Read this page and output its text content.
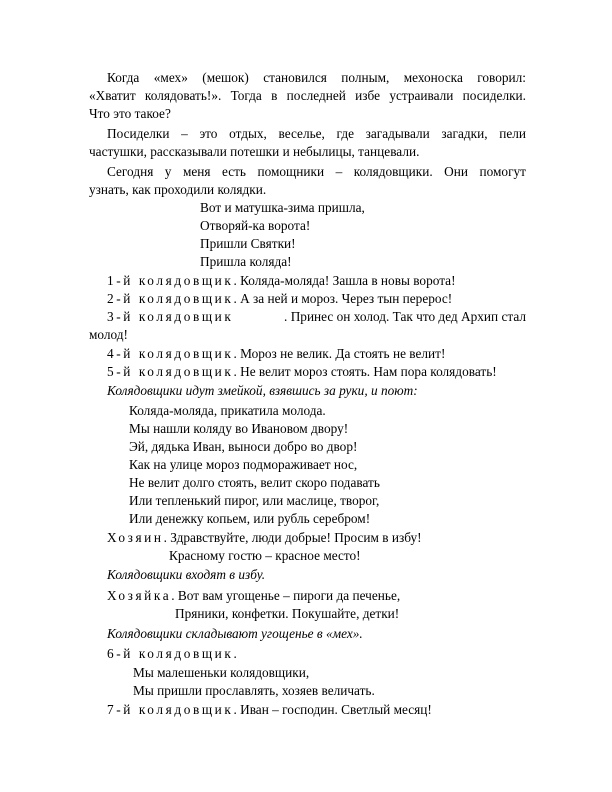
Когда «мех» (мешок) становился полным, мехоноска говорил:
«Хватит колядовать!». Тогда в последней избе устраивали посиделки.
Что это такое?
Посиделки – это отдых, веселье, где загадывали загадки, пели
частушки, рассказывали потешки и небылицы, танцевали.
Сегодня у меня есть помощники – колядовщики. Они помогут
узнать, как проходили колядки.
Вот и матушка-зима пришла,
Отворяй-ка ворота!
Пришли Святки!
Пришла коляда!
1-й колядовщик. Коляда-моляда! Зашла в новы ворота!
2-й колядовщик. А за ней и мороз. Через тын перерос!
3-й колядовщик	. Принес он холод. Так что дед Архип стал
молод!
4-й колядовщик. Мороз не велик. Да стоять не велит!
5-й колядовщик. Не велит мороз стоять. Нам пора колядовать!
Колядовщики идут змейкой, взявшись за руки, и поют:
Коляда-моляда, прикатила молода.
Мы нашли коляду во Ивановом двору!
Эй, дядька Иван, выноси добро во двор!
Как на улице мороз подмораживает нос,
Не велит долго стоять, велит скоро подавать
Или тепленький пирог, или маслице, творог,
Или денежку копьем, или рубль серебром!
Хозяин. Здравствуйте, люди добрые! Просим в избу!
Красному гостю – красное место!
Колядовщики входят в избу.
Хозяйка. Вот вам угощенье – пироги да печенье,
Пряники, конфетки. Покушайте, детки!
Колядовщики складывают угощенье в «мех».
6-й колядовщик.
Мы малешеньки колядовщики,
Мы пришли прославлять, хозяев величать.
7-й колядовщик. Иван – господин. Светлый месяц!
